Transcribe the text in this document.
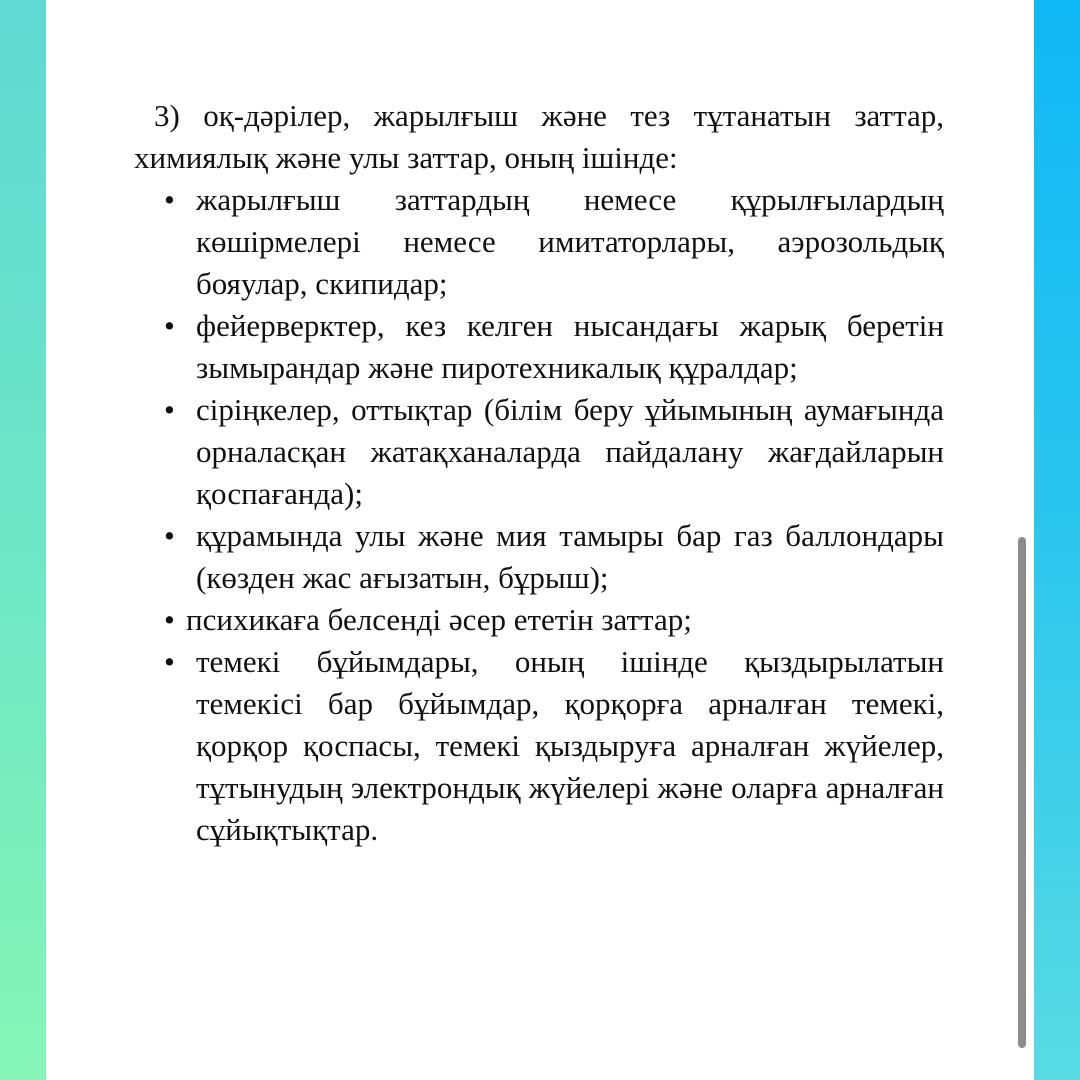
3) оқ-дәрілер, жарылғыш және тез тұтанатын заттар, химиялық және улы заттар, оның ішінде:

• жарылғыш заттардың немесе құрылғылардың көшірмелері немесе имитаторлары, аэрозольдық бояулар, скипидар;
• фейерверктер, кез келген нысандағы жарық беретін зымырандар және пиротехникалық құралдар;
• сіріңкелер, оттықтар (білім беру ұйымының аумағында орналасқан жатақханаларда пайдалану жағдайларын қоспағанда);
• құрамында улы және мия тамыры бар газ баллондары (көзден жас ағызатын, бұрыш);
• психикаға белсенді әсер ететін заттар;
• темекі бұйымдары, оның ішінде қыздырылатын темекісі бар бұйымдар, қорқорға арналған темекі, қорқор қоспасы, темекі қыздыруға арналған жүйелер, тұтынудың электрондық жүйелері және оларға арналған сұйықтықтар.
